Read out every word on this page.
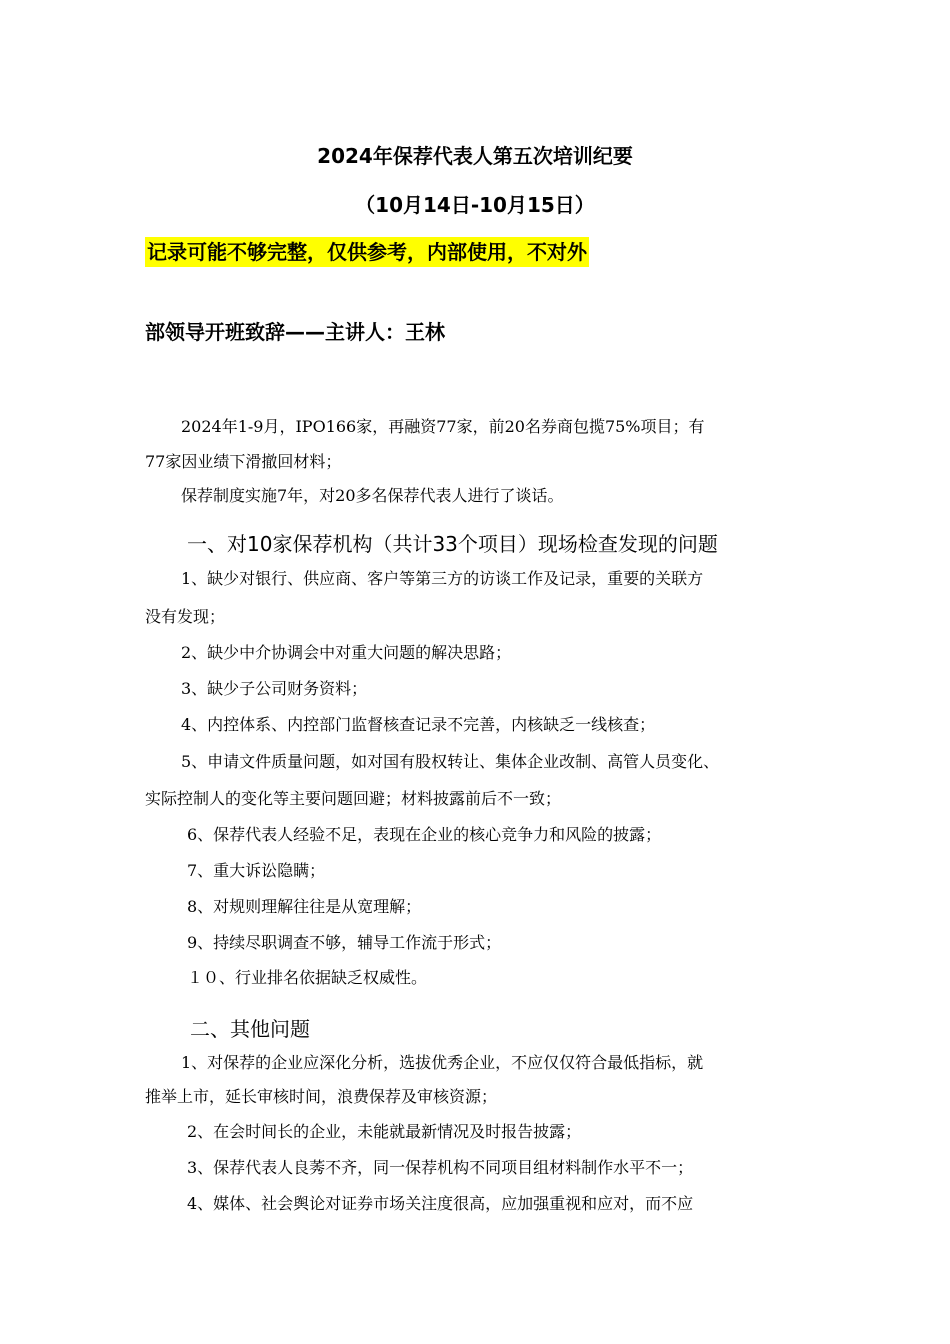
2024年保荐代表人第五次培训纪要
（10月14日-10月15日）
记录可能不够完整，仅供参考，内部使用，不对外
部领导开班致辞——主讲人：王林
2024年1-9月，IPO166家，再融资77家，前20名券商包揽75%项目；有
77家因业绩下滑撤回材料；
保荐制度实施7年，对20多名保荐代表人进行了谈话。
一、对10家保荐机构（共计33个项目）现场检查发现的问题
1、缺少对银行、供应商、客户等第三方的访谈工作及记录，重要的关联方
没有发现；
2、缺少中介协调会中对重大问题的解决思路；
3、缺少子公司财务资料；
4、内控体系、内控部门监督核查记录不完善，内核缺乏一线核查；
5、申请文件质量问题，如对国有股权转让、集体企业改制、高管人员变化、
实际控制人的变化等主要问题回避；材料披露前后不一致；
6、保荐代表人经验不足，表现在企业的核心竞争力和风险的披露；
7、重大诉讼隐瞒；
8、对规则理解往往是从宽理解；
9、持续尽职调查不够，辅导工作流于形式；
１０、行业排名依据缺乏权威性。
二、其他问题
1、对保荐的企业应深化分析，选拔优秀企业，不应仅仅符合最低指标，就
推举上市，延长审核时间，浪费保荐及审核资源；
2、在会时间长的企业，未能就最新情况及时报告披露；
3、保荐代表人良莠不齐，同一保荐机构不同项目组材料制作水平不一；
4、媒体、社会舆论对证券市场关注度很高，应加强重视和应对，而不应
